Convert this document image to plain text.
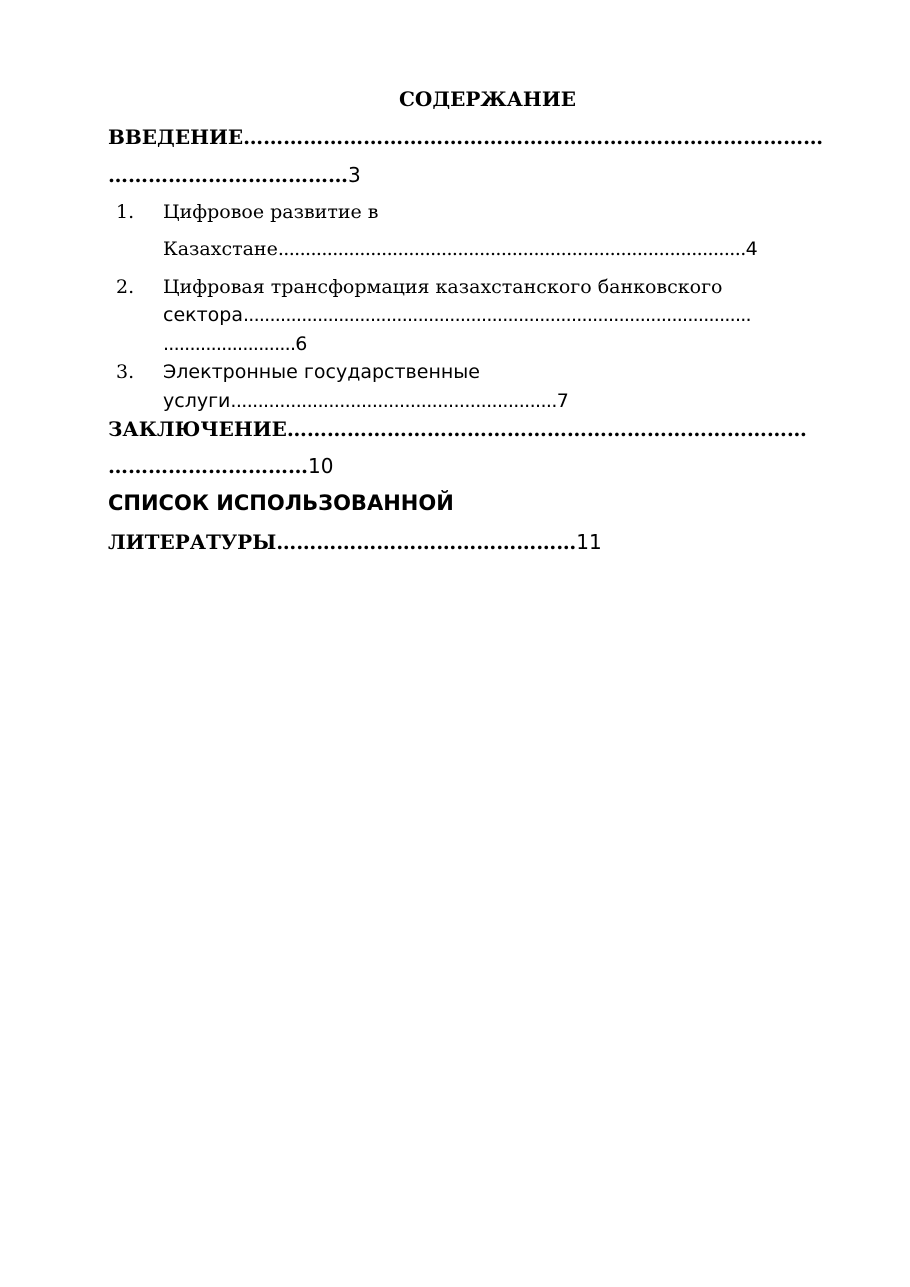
СОДЕРЖАНИЕ
ВВЕДЕНИЕ……………………………………………………………………………
………………………………3
1. Цифровое развитие в
Казахстане......................................................................................4
2. Цифровая трансформация казахстанского банковского
сектора................................................................................................
.........................6
3. Электронные государственные
услуги............................................................7
ЗАКЛЮЧЕНИЕ……………………………………………………………………
…………………………10
СПИСОК ИСПОЛЬЗОВАННОЙ
ЛИТЕРАТУРЫ………………………………………11
